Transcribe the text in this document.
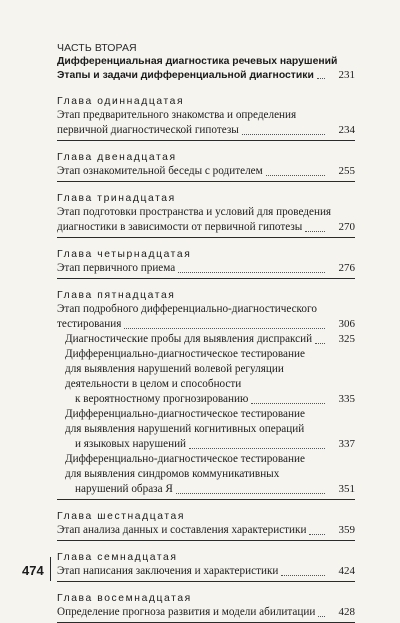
ЧАСТЬ ВТОРАЯ
Дифференциальная диагностика речевых нарушений
Этапы и задачи дифференциальной диагностики	231
Глава одиннадцатая
Этап предварительного знакомства и определения
первичной диагностической гипотезы	234
Глава двенадцатая
Этап ознакомительной беседы с родителем	255
Глава тринадцатая
Этап подготовки пространства и условий для проведения
диагностики в зависимости от первичной гипотезы	270
Глава четырнадцатая
Этап первичного приема	276
Глава пятнадцатая
Этап подробного дифференциально-диагностического
тестирования	306
Диагностические пробы для выявления диспраксий	325
Дифференциально-диагностическое тестирование
для выявления нарушений волевой регуляции
деятельности в целом и способности
к вероятностному прогнозированию	335
Дифференциально-диагностическое тестирование
для выявления нарушений когнитивных операций
и языковых нарушений	337
Дифференциально-диагностическое тестирование
для выявления синдромов коммуникативных
нарушений образа Я	351
Глава шестнадцатая
Этап анализа данных и составления характеристики	359
Глава семнадцатая
Этап написания заключения и характеристики	424
Глава восемнадцатая
Определение прогноза развития и модели абилитации	428
474
